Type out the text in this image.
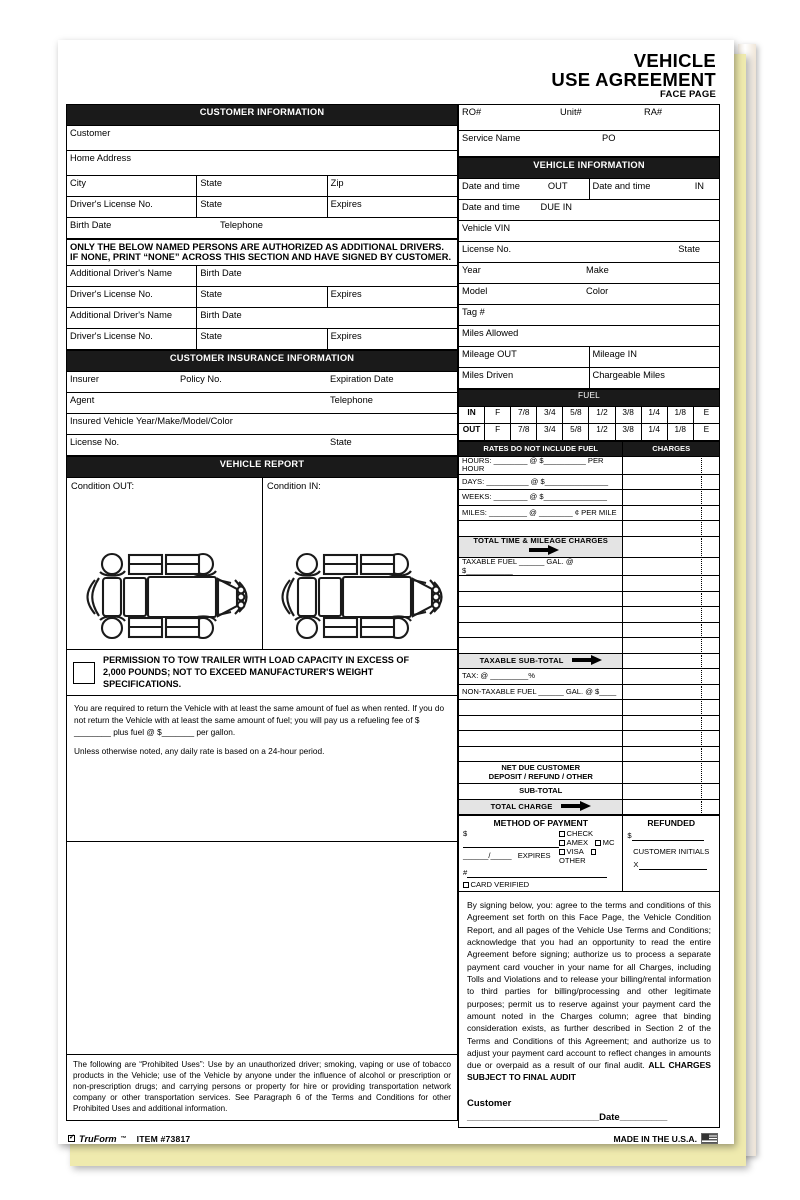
VEHICLE
USE AGREEMENT
FACE PAGE
CUSTOMER INFORMATION		
Customer		
Home Address		
City	State	Zip
Driver's License No.	State	Expires
Birth Date Telephone		
ONLY THE BELOW NAMED PERSONS ARE AUTHORIZED AS ADDITIONAL DRIVERS.
IF NONE, PRINT “NONE” ACROSS THIS SECTION AND HAVE SIGNED BY CUSTOMER.		
Additional Driver's Name	Birth Date	
Driver's License No.	State	Expires
Additional Driver's Name	Birth Date	
Driver's License No.	State	Expires
CUSTOMER INSURANCE INFORMATION
Insurer	Policy No.	Expiration Date
Agent	Telephone
Insured Vehicle Year/Make/Model/Color
License No.	State
VEHICLE REPORT
Condition OUT:	Condition IN:
PERMISSION TO TOW TRAILER WITH LOAD CAPACITY IN EXCESS OF
2,000 POUNDS; NOT TO EXCEED MANUFACTURER'S WEIGHT SPECIFICATIONS.

You are required to return the Vehicle with at least the same amount of fuel as when rented. If you do not return the Vehicle with at least the same amount of fuel; you will pay us a refueling fee of $ ________ plus fuel @ $_______ per gallon.

Unless otherwise noted, any daily rate is based on a 24-hour period.

The following are “Prohibited Uses”: Use by an unauthorized driver; smoking, vaping or use of tobacco products in the Vehicle; use of the Vehicle by anyone under the influence of alcohol or prescription or non-prescription drugs; and carrying persons or property for hire or providing transportation network company or other transportation services. See Paragraph 6 of the Terms and Conditions for other Prohibited Uses and additional information.
RO#	Unit#	RA#
Service Name	PO
VEHICLE INFORMATION	
Date and time OUT	Date and time IN

Date and time DUE IN	
Vehicle VIN	
License No. State	

Year Make	
Model Color	
Tag #	
Miles Allowed	
Mileage OUT	Mileage IN
Miles Driven	Chargeable Miles
FUEL									
IN	F	7/8	3/4	5/8	1/2	3/8	1/4	1/8	E
OUT	F	7/8	3/4	5/8	1/2	3/8	1/4	1/8	E
RATES DO NOT INCLUDE FUEL	CHARGES
HOURS: ________ @ $__________ PER HOUR	
DAYS: __________ @ $_______________	
WEEKS: ________ @ $_______________	
MILES: _________ @ ________ ¢ PER MILE	

TOTAL TIME & MILEAGE CHARGES	
TAXABLE FUEL ______ GAL. @ $___________	

TAXABLE SUB-TOTAL	
TAX: @ _________%	
NON-TAXABLE FUEL ______ GAL. @ $____	

NET DUE CUSTOMER
DEPOSIT / REFUND / OTHER	
SUB-TOTAL	
TOTAL CHARGE	
METHOD OF PAYMENT
$
______/_____ EXPIRES
CHECK
AMEX MC
VISA OTHER
#
CARD VERIFIED

REFUNDED
$
CUSTOMER INITIALS
X
By signing below, you: agree to the terms and conditions of this Agreement set forth on this Face Page, the Vehicle Condition Report, and all pages of the Vehicle Use Terms and Conditions; acknowledge that you had an opportunity to read the entire Agreement before signing; authorize us to process a separate payment card voucher in your name for all Charges, including Tolls and Violations and to release your billing/rental information to third parties for billing/processing and other legitimate purposes; permit us to reserve against your payment card the amount noted in the Charges column; agree that binding consideration exists, as further described in Section 2 of the Terms and Conditions of this Agreement; and authorize us to adjust your payment card account to reflect changes in amounts due or overpaid as a result of our final audit. ALL CHARGES SUBJECT TO FINAL AUDIT
Customer _________________________Date_________
✓
TruForm ™ ITEM #73817	MADE IN THE U.S.A.
